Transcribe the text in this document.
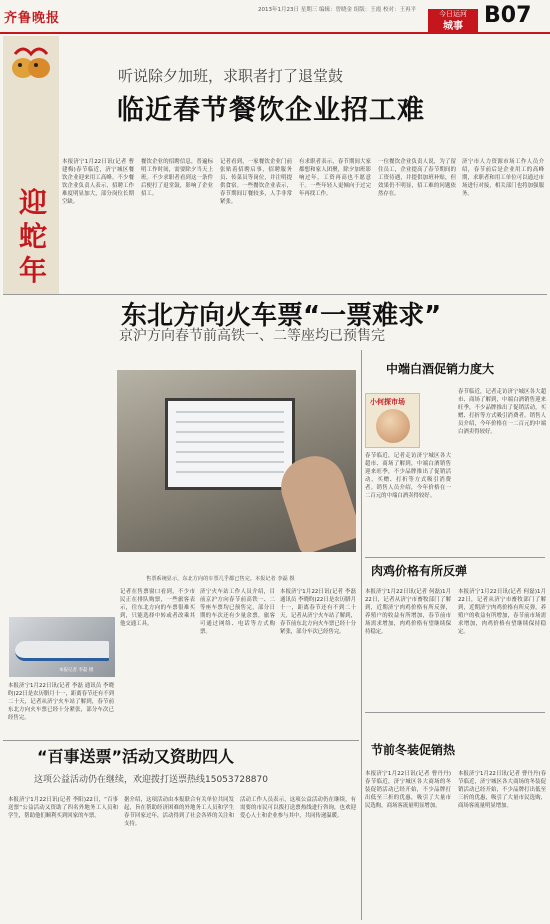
齐鲁晚报
2013年1月23日 星期三 编辑：曾晓金 组版：王霞 校对：王再平	今日运河
城事 B07
迎
蛇
年
听说除夕加班，求职者打了退堂鼓
临近春节餐饮企业招工难
本报济宁1月22日讯(记者 曹建梅)春节临近，济宁城区餐饮企业迎来用工高峰。不少餐饮企业负责人表示，招聘工作难度明显加大，部分岗位长期空缺。
餐饮企业的招聘信息，普遍标明工作时间，需要除夕当天上班。不少求职者看到这一条件后便打了退堂鼓，影响了企业招工。
记者看到，一家餐饮企业门前张贴着招聘启事，招聘服务员、传菜员等岗位，并注明提供食宿。一些餐饮企业表示，春节期间订餐较多，人手非常紧张。
有求职者表示，春节期间大家都想和家人团聚，除夕加班影响过年，工资再高也不愿意干。一些年轻人更倾向于过完年再找工作。
一位餐饮企业负责人说，为了留住员工，企业提高了春节期间的工资待遇，并提供加班补贴，但效果仍不明显，招工难的问题依然存在。
济宁市人力资源市场工作人员介绍，春节前后是企业用工的高峰期，求职者和用工单位可以通过市场进行对接，相关部门也将加强服务。
东北方向火车票“一票难求”
京沪方向春节前高铁一、二等座均已预售完
售票系统显示，东北方向的车票几乎都已售完。本报记者 李磊 摄
本报记者 李磊 摄
本报济宁1月22日讯(记者 李磊 通讯员 李晓昀)22日是农历腊月十一，距离春节还有不到二十天，记者从济宁火车站了解到，春节前东北方向火车票已经十分紧张，部分车次已经售完。
记者在售票窗口看到，不少市民正在排队购票，一些旅客表示，往东北方向的车票很难买到，只能选择中转或者改乘其他交通工具。
济宁火车站工作人员介绍，目前京沪方向春节前高铁一、二等座车票均已预售完，部分日期的车次还有少量余票，旅客可通过网络、电话等方式购票。
本报济宁1月22日讯(记者 李磊 通讯员 李晓昀)22日是农历腊月十一，距离春节还有不到二十天，记者从济宁火车站了解到，春节前东北方向火车票已经十分紧张，部分车次已经售完。
中端白酒促销力度大
小何探市场
春节临近，记者走访济宁城区各大超市、商场了解到，中端白酒销售迎来旺季，不少品牌推出了促销活动，买赠、打折等方式吸引消费者。销售人员介绍，今年价格在一二百元的中端白酒卖得较好。
春节临近，记者走访济宁城区各大超市、商场了解到，中端白酒销售迎来旺季，不少品牌推出了促销活动，买赠、打折等方式吸引消费者。销售人员介绍，今年价格在一二百元的中端白酒卖得较好。
肉鸡价格有所反弹
本报济宁1月22日讯(记者 何磊)1月22日，记者从济宁市畜牧部门了解到，近期济宁肉鸡价格有所反弹，养殖户的收益有所增加，春节前市场需求增加，肉鸡价格有望继续保持稳定。
本报济宁1月22日讯(记者 何磊)1月22日，记者从济宁市畜牧部门了解到，近期济宁肉鸡价格有所反弹，养殖户的收益有所增加，春节前市场需求增加，肉鸡价格有望继续保持稳定。
节前冬装促销热
本报济宁1月22日讯(记者 曹丹丹)春节临近，济宁城区各大商场的冬装促销活动已经开始，不少品牌打出低至三折的优惠，吸引了大量市民选购，商场客流量明显增加。
本报济宁1月22日讯(记者 曹丹丹)春节临近，济宁城区各大商场的冬装促销活动已经开始，不少品牌打出低至三折的优惠，吸引了大量市民选购，商场客流量明显增加。
“百事送票”活动又资助四人
这项公益活动仍在继续，欢迎拨打送票热线15053728870
本报济宁1月22日讯(记者 李阳)22日，“百事送票”公益活动又资助了四名外地务工人员和学生，帮助他们顺利买到回家的车票。
据介绍，这项活动由本报联合有关单位共同发起，旨在帮助经济困难的外地务工人员和学生春节回家过年，活动得到了社会各界的关注和支持。
活动工作人员表示，这项公益活动仍在继续，有需要的市民可以拨打送票热线进行咨询，也欢迎爱心人士和企业参与其中，共同传递温暖。
